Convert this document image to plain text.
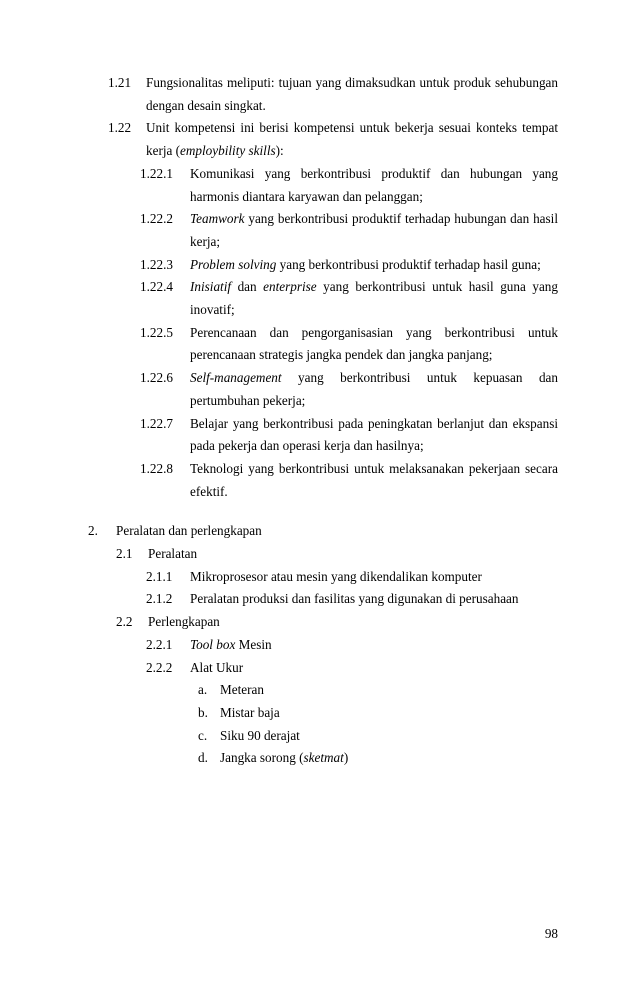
1.21	Fungsionalitas meliputi: tujuan yang dimaksudkan untuk produk sehubungan dengan desain singkat.
1.22	Unit kompetensi ini berisi kompetensi untuk bekerja sesuai konteks tempat kerja (employbility skills):
1.22.1	Komunikasi yang berkontribusi produktif dan hubungan yang harmonis diantara karyawan dan pelanggan;
1.22.2	Teamwork yang berkontribusi produktif terhadap hubungan dan hasil kerja;
1.22.3	Problem solving yang berkontribusi produktif terhadap hasil guna;
1.22.4	Inisiatif dan enterprise yang berkontribusi untuk hasil guna yang inovatif;
1.22.5	Perencanaan dan pengorganisasian yang berkontribusi untuk perencanaan strategis jangka pendek dan jangka panjang;
1.22.6	Self-management yang berkontribusi untuk kepuasan dan pertumbuhan pekerja;
1.22.7	Belajar yang berkontribusi pada peningkatan berlanjut dan ekspansi pada pekerja dan operasi kerja dan hasilnya;
1.22.8	Teknologi yang berkontribusi untuk melaksanakan pekerjaan secara efektif.
2.	Peralatan dan perlengkapan
2.1	Peralatan
2.1.1	Mikroprosesor atau mesin yang dikendalikan komputer
2.1.2	Peralatan produksi dan fasilitas yang digunakan di perusahaan
2.2	Perlengkapan
2.2.1	Tool box Mesin
2.2.2	Alat Ukur
a. Meteran
b. Mistar baja
c. Siku 90 derajat
d. Jangka sorong (sketmat)
98
